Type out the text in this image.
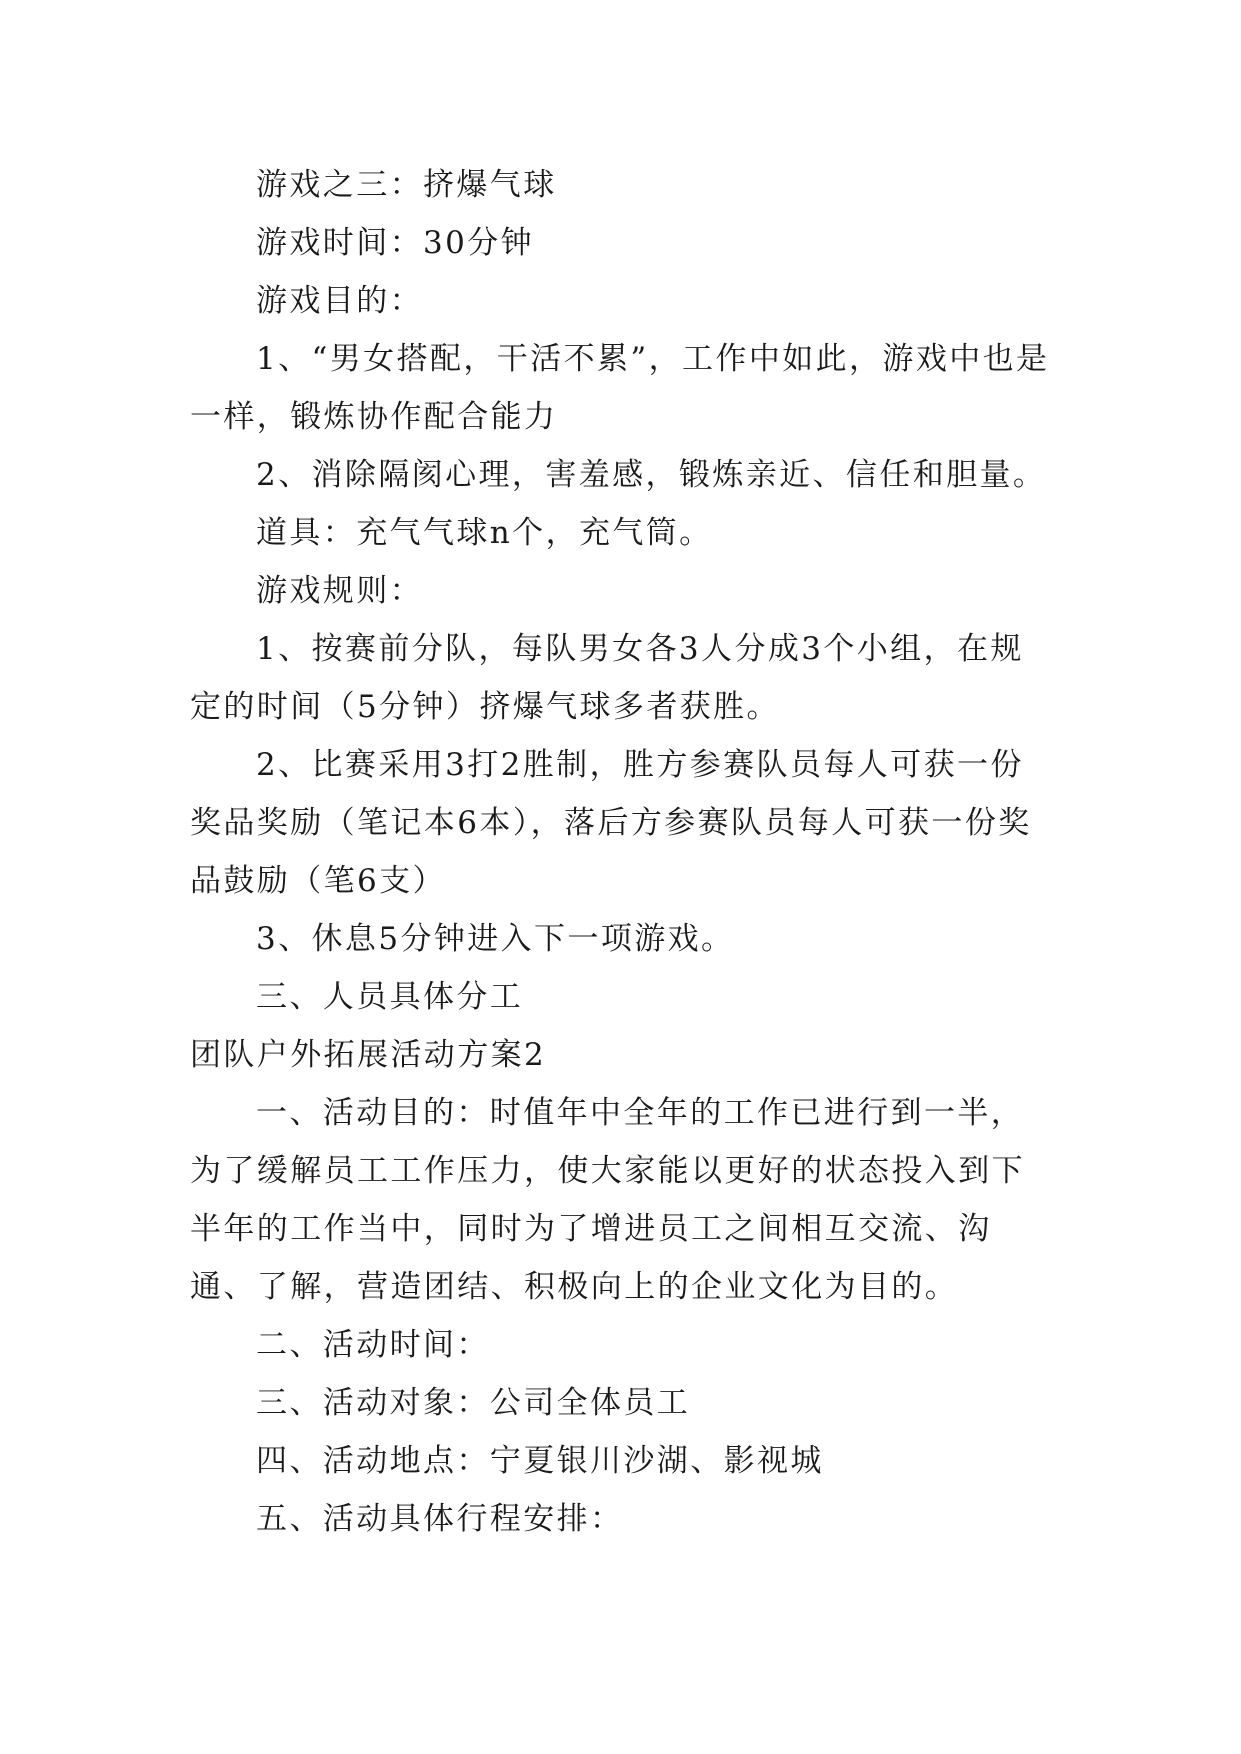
游戏之三：挤爆气球

游戏时间：30分钟

游戏目的：

1、“男女搭配，干活不累”，工作中如此，游戏中也是一样，锻炼协作配合能力

2、消除隔阂心理，害羞感，锻炼亲近、信任和胆量。

道具：充气气球n个，充气筒。

游戏规则：

1、按赛前分队，每队男女各3人分成3个小组，在规定的时间（5分钟）挤爆气球多者获胜。

2、比赛采用3打2胜制，胜方参赛队员每人可获一份奖品奖励（笔记本6本），落后方参赛队员每人可获一份奖品鼓励（笔6支）

3、休息5分钟进入下一项游戏。

三、人员具体分工

团队户外拓展活动方案2

一、活动目的：时值年中全年的工作已进行到一半，为了缓解员工工作压力，使大家能以更好的状态投入到下半年的工作当中，同时为了增进员工之间相互交流、沟通、了解，营造团结、积极向上的企业文化为目的。

二、活动时间：

三、活动对象：公司全体员工

四、活动地点：宁夏银川沙湖、影视城

五、活动具体行程安排：
